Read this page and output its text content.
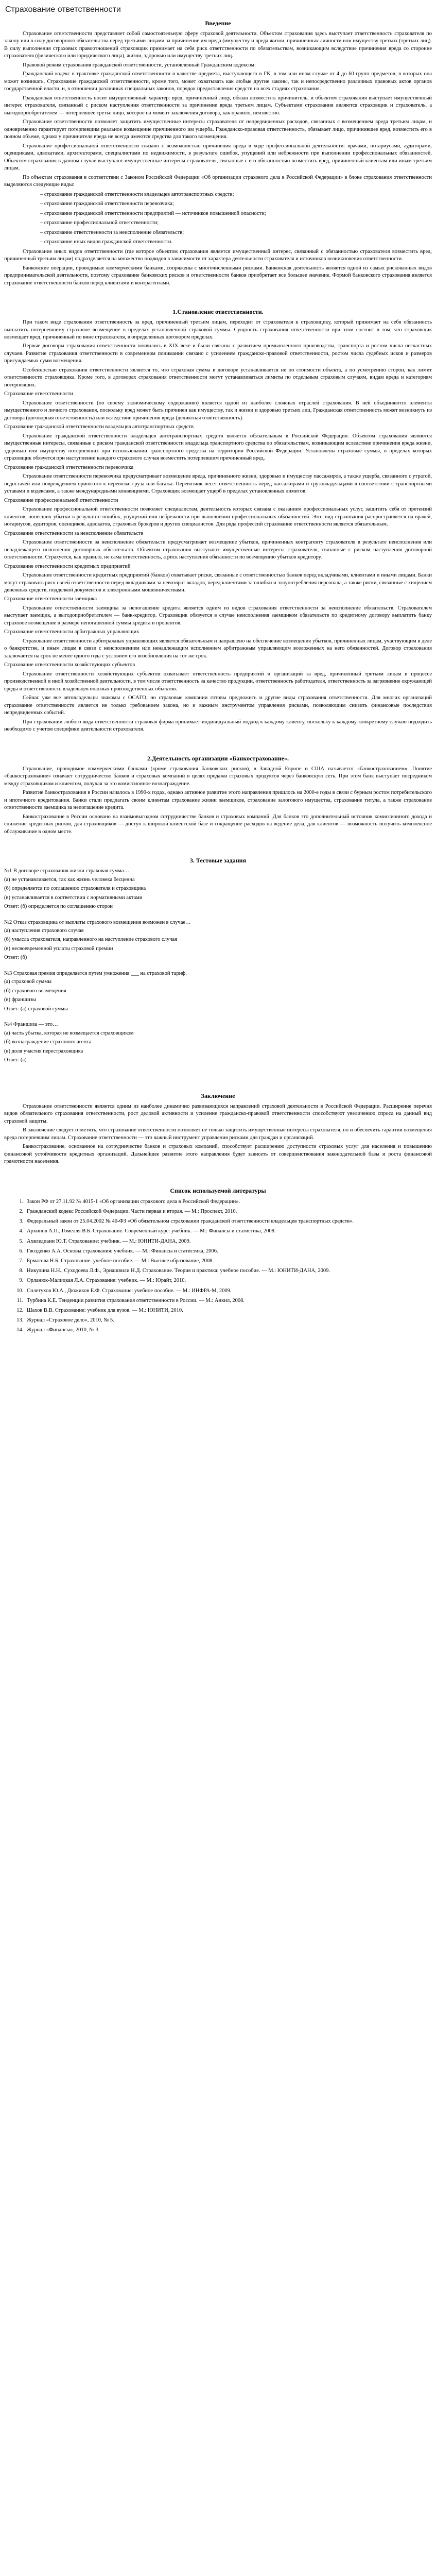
Страхование ответственности
Введение

Страхование ответственности представляет собой самостоятельную сферу страховой деятельности. Объектом страхования здесь выступает ответственность страхователя по закону или в силу договорного обязательства перед третьими лицами за причинение им вреда (имуществу и вреда жизни, причиненных личности или имуществу третьих (третьих лиц). В силу выполнения страховых правоотношений страховщик принимает на себя риск ответственности по обязательствам, возникающим вследствие причинения вреда со сторонне страхователя (физического или юридического лица), жизни, здоровью или имуществу третьих лиц.

Правовой режим страхования гражданской ответственности, установленный Гражданским кодексом:

Гражданский кодекс в трактовке гражданской ответственности в качестве предмета, выступающего в ГК, в том или ином случае от 4 до 60 групп предметов, в которых она может возникать. Страхование гражданской ответственности, кроме того, может охватывать как любые другие законы, так и непосредственно различных правовых актов органов государственной власти, и, в отношении различных специальных законов, порядок предоставления средств на всех стадиях страхования.

Гражданская ответственность носит имущественный характер: вред, причиненный лицу, обязан возместить причинитель, и объектом страхования выступает имущественный интерес страхователя, связанный с риском наступления ответственности за причинение вреда третьим лицам. Субъектами страхования являются страховщик и страхователь, а выгодоприобретателем — потерпевшее третье лицо, которое на момент заключения договора, как правило, неизвестно.

Страхование ответственности позволяет защитить имущественные интересы страхователя от непредвиденных расходов, связанных с возмещением вреда третьим лицам, и одновременно гарантирует потерпевшим реальное возмещение причиненного им ущерба. Гражданско-правовая ответственность, обязывает лицо, причинившее вред, возместить его в полном объеме, однако у причинителя вреда не всегда имеются средства для такого возмещения.

Страхование профессиональной ответственности связано с возможностью причинения вреда в ходе профессиональной деятельности: врачами, нотариусами, аудиторами, оценщиками, адвокатами, архитекторами, специалистами по недвижимости, в результате ошибок, упущений или небрежности при выполнении профессиональных обязанностей. Объектом страхования в данном случае выступают имущественные интересы страхователя, связанные с его обязанностью возместить вред, причиненный клиентам или иным третьим лицам.

По объектам страхования в соответствии с Законом Российской Федерации «Об организации страхового дела в Российской Федерации» в блоке страхования ответственности выделяются следующие виды:

– страхование гражданской ответственности владельцев автотранспортных средств;

– страхование гражданской ответственности перевозчика;

– страхование гражданской ответственности предприятий — источников повышенной опасности;

– страхование профессиональной ответственности;

– страхование ответственности за неисполнение обязательств;

– страхование иных видов гражданской ответственности.

Страхование иных видов ответственности (где которое объектом страхования является имущественный интерес, связанный с обязанностью страхователя возместить вред, причиненный третьим лицам) подразделяется на множество подвидов в зависимости от характера деятельности страхователя и источников возникновения ответственности.

Банковские операции, проводимые коммерческими банками, сопряжены с многочисленными рисками. Банковская деятельность является одной из самых рискованных видов предпринимательской деятельности, поэтому страхование банковских рисков и ответственности банков приобретает все большее значение. Формой банковского страхования является страхование ответственности банков перед клиентами и контрагентами.

1.Становление ответственности.

При таком виде страхования ответственность за вред, причиненный третьим лицам, переходит от страхователя к страховщику, который принимает на себя обязанность выплатить потерпевшему страховое возмещение в пределах установленной страховой суммы. Сущность страхования ответственности при этом состоит в том, что страховщик возмещает вред, причиненный по вине страхователя, в определенных договором пределах.

Первые договоры страхования ответственности появились в XIX веке и были связаны с развитием промышленного производства, транспорта и ростом числа несчастных случаев. Развитие страхования ответственности в современном понимании связано с усилением гражданско-правовой ответственности, ростом числа судебных исков и размеров присуждаемых сумм возмещения.

Особенностью страхования ответственности является то, что страховая сумма в договоре устанавливается не по стоимости объекта, а по усмотрению сторон, как лимит ответственности страховщика. Кроме того, в договорах страхования ответственности могут устанавливаться лимиты по отдельным страховым случаям, видам вреда и категориям потерпевших.

Страхование ответственности

Страхование ответственности (по своему экономическому содержанию) является одной из наиболее сложных отраслей страхования. В ней объединяются элементы имущественного и личного страхования, поскольку вред может быть причинен как имуществу, так и жизни и здоровью третьих лиц. Гражданская ответственность может возникнуть из договора (договорная ответственность) или вследствие причинения вреда (деликтная ответственность).

Страхование гражданской ответственности владельцев автотранспортных средств

Страхование гражданской ответственности владельцев автотранспортных средств является обязательным в Российской Федерации. Объектом страхования являются имущественные интересы, связанные с риском гражданской ответственности владельца транспортного средства по обязательствам, возникающим вследствие причинения вреда жизни, здоровью или имуществу потерпевших при использовании транспортного средства на территории Российской Федерации. Установлены страховые суммы, в пределах которых страховщик обязуется при наступлении каждого страхового случая возместить потерпевшим причиненный вред.

Страхование гражданской ответственности перевозчика

Страхование ответственности перевозчика предусматривает возмещение вреда, причиненного жизни, здоровью и имуществу пассажиров, а также ущерба, связанного с утратой, недостачей или повреждением принятого к перевозке груза или багажа. Перевозчик несет ответственность перед пассажирами и грузовладельцами в соответствии с транспортными уставами и кодексами, а также международными конвенциями. Страховщик возмещает ущерб в пределах установленных лимитов.

Страхование профессиональной ответственности

Страхование профессиональной ответственности позволяет специалистам, деятельность которых связана с оказанием профессиональных услуг, защитить себя от претензий клиентов, понесших убытки в результате ошибок, упущений или небрежности при выполнении профессиональных обязанностей. Этот вид страхования распространяется на врачей, нотариусов, аудиторов, оценщиков, адвокатов, страховых брокеров и других специалистов. Для ряда профессий страхование ответственности является обязательным.

Страхование ответственности за неисполнение обязательств

Страхование ответственности за неисполнение обязательств предусматривает возмещение убытков, причиненных контрагенту страхователя в результате неисполнения или ненадлежащего исполнения договорных обязательств. Объектом страхования выступают имущественные интересы страхователя, связанные с риском наступления договорной ответственности. Страхуется, как правило, не сама ответственность, а риск наступления обязанности по возмещению убытков кредитору.

Страхование ответственности кредитных предприятий

Страхование ответственности кредитных предприятий (банков) охватывает риски, связанные с ответственностью банков перед вкладчиками, клиентами и иными лицами. Банки могут страховать риск своей ответственности перед вкладчиками за невозврат вкладов, перед клиентами за ошибки и злоупотребления персонала, а также риски, связанные с хищением денежных средств, подделкой документов и электронными мошенничествами.

Страхование ответственности заемщика

Страхование ответственности заемщика за непогашение кредита является одним из видов страхования ответственности за неисполнение обязательств. Страхователем выступает заемщик, а выгодоприобретателем — банк-кредитор. Страховщик обязуется в случае неисполнения заемщиком обязательств по кредитному договору выплатить банку страховое возмещение в размере непогашенной суммы кредита и процентов.

Страхование ответственности арбитражных управляющих

Страхование ответственности арбитражных управляющих является обязательным и направлено на обеспечение возмещения убытков, причиненных лицам, участвующим в деле о банкротстве, и иным лицам в связи с неисполнением или ненадлежащим исполнением арбитражным управляющим возложенных на него обязанностей. Договор страхования заключается на срок не менее одного года с условием его возобновления на тот же срок.

Страхование ответственности хозяйствующих субъектов

Страхование ответственности хозяйствующих субъектов охватывает ответственность предприятий и организаций за вред, причиненный третьим лицам в процессе производственной и иной хозяйственной деятельности, в том числе ответственность за качество продукции, ответственность работодателя, ответственность за загрязнение окружающей среды и ответственность владельцев опасных производственных объектов.

Сейчас уже все автовладельцы знакомы с ОСАГО, но страховые компании готовы предложить и другие виды страхования ответственности. Для многих организаций страхование ответственности является не только требованием закона, но и важным инструментом управления рисками, позволяющим снизить финансовые последствия непредвиденных событий.

При страховании любого вида ответственности страховая фирма принимает индивидуальный подход к каждому клиенту, поскольку к каждому конкретному случаю подходить необходимо с учетом специфики деятельности страхователя.

2.Деятельность организации «Банкострахование».

Страхование, проводимое коммерческими банками (кроме страхования банковских рисков), в Западной Европе и США называется «банкострахованием». Понятие «банкострахование» означает сотрудничество банков и страховых компаний в целях продажи страховых продуктов через банковскую сеть. При этом банк выступает посредником между страховщиком и клиентом, получая за это комиссионное вознаграждение.

Развитие банкострахования в России началось в 1990-х годах, однако активное развитие этого направления пришлось на 2000-е годы в связи с бурным ростом потребительского и ипотечного кредитования. Банки стали предлагать своим клиентам страхование жизни заемщиков, страхование залогового имущества, страхование титула, а также страхование ответственности заемщика за непогашение кредита.

Банкострахование в России основано на взаимовыгодном сотрудничестве банков и страховых компаний. Для банков это дополнительный источник комиссионного дохода и снижение кредитных рисков, для страховщиков — доступ к широкой клиентской базе и сокращение расходов на ведение дела, для клиентов — возможность получить комплексное обслуживание в одном месте.

3. Тестовые задания

№1 В договоре страхования жизни страховая сумма…

(а) не устанавливается, так как жизнь человека бесценна

(б) определяется по соглашению страхователя и страховщика

(в) устанавливается в соответствии с нормативными актами

Ответ: (б) определяется по соглашению сторон

№2 Отказ страховщика от выплаты страхового возмещения возможен в случае…

(а) наступления страхового случая

(б) умысла страхователя, направленного на наступление страхового случая

(в) несвоевременной уплаты страховой премии

Ответ: (б)

№3 Страховая премия определяется путем умножения ___ на страховой тариф.

(а) страховой суммы

(б) страхового возмещения

(в) франшизы

Ответ: (а) страховой суммы

№4 Франшиза — это…

(а) часть убытка, которая не возмещается страховщиком

(б) вознаграждение страхового агента

(в) доля участия перестраховщика

Ответ: (а)

Заключение

Страхование ответственности является одним из наиболее динамично развивающихся направлений страховой деятельности в Российской Федерации. Расширение перечня видов обязательного страхования ответственности, рост деловой активности и усиление гражданско-правовой ответственности способствуют увеличению спроса на данный вид страховой защиты.

В заключение следует отметить, что страхование ответственности позволяет не только защитить имущественные интересы страхователя, но и обеспечить гарантии возмещения вреда потерпевшим лицам. Страхование ответственности — это важный инструмент управления рисками для граждан и организаций.

Банкострахование, основанное на сотрудничестве банков и страховых компаний, способствует расширению доступности страховых услуг для населения и повышению финансовой устойчивости кредитных организаций. Дальнейшее развитие этого направления будет зависеть от совершенствования законодательной базы и роста финансовой грамотности населения.

Список используемой литературы
1. Закон РФ от 27.11.92 № 4015-1 «Об организации страхового дела в Российской Федерации».
2. Гражданский кодекс Российской Федерации. Части первая и вторая. — М.: Проспект, 2010.
3. Федеральный закон от 25.04.2002 № 40-ФЗ «Об обязательном страховании гражданской ответственности владельцев транспортных средств».
4. Архипов А.П., Гомелля В.Б. Страхование. Современный курс: учебник. — М.: Финансы и статистика, 2008.
5. Ахвледиани Ю.Т. Страхование: учебник. — М.: ЮНИТИ-ДАНА, 2009.
6. Гвозденко А.А. Основы страхования: учебник. — М.: Финансы и статистика, 2006.
7. Ермасова Н.Б. Страхование: учебное пособие. — М.: Высшее образование, 2008.
8. Никулина Н.Н., Суходоева Л.Ф., Эриашвили Н.Д. Страхование. Теория и практика: учебное пособие. — М.: ЮНИТИ-ДАНА, 2009.
9. Орланюк-Малицкая Л.А. Страхование: учебник. — М.: Юрайт, 2010.
10. Сплетухов Ю.А., Дюжиков Е.Ф. Страхование: учебное пособие. — М.: ИНФРА-М, 2009.
11. Турбина К.Е. Тенденции развития страхования ответственности в России. — М.: Анкил, 2008.
12. Шахов В.В. Страхование: учебник для вузов. — М.: ЮНИТИ, 2010.
13. Журнал «Страховое дело», 2010, № 5.
14. Журнал «Финансы», 2010, № 3.
